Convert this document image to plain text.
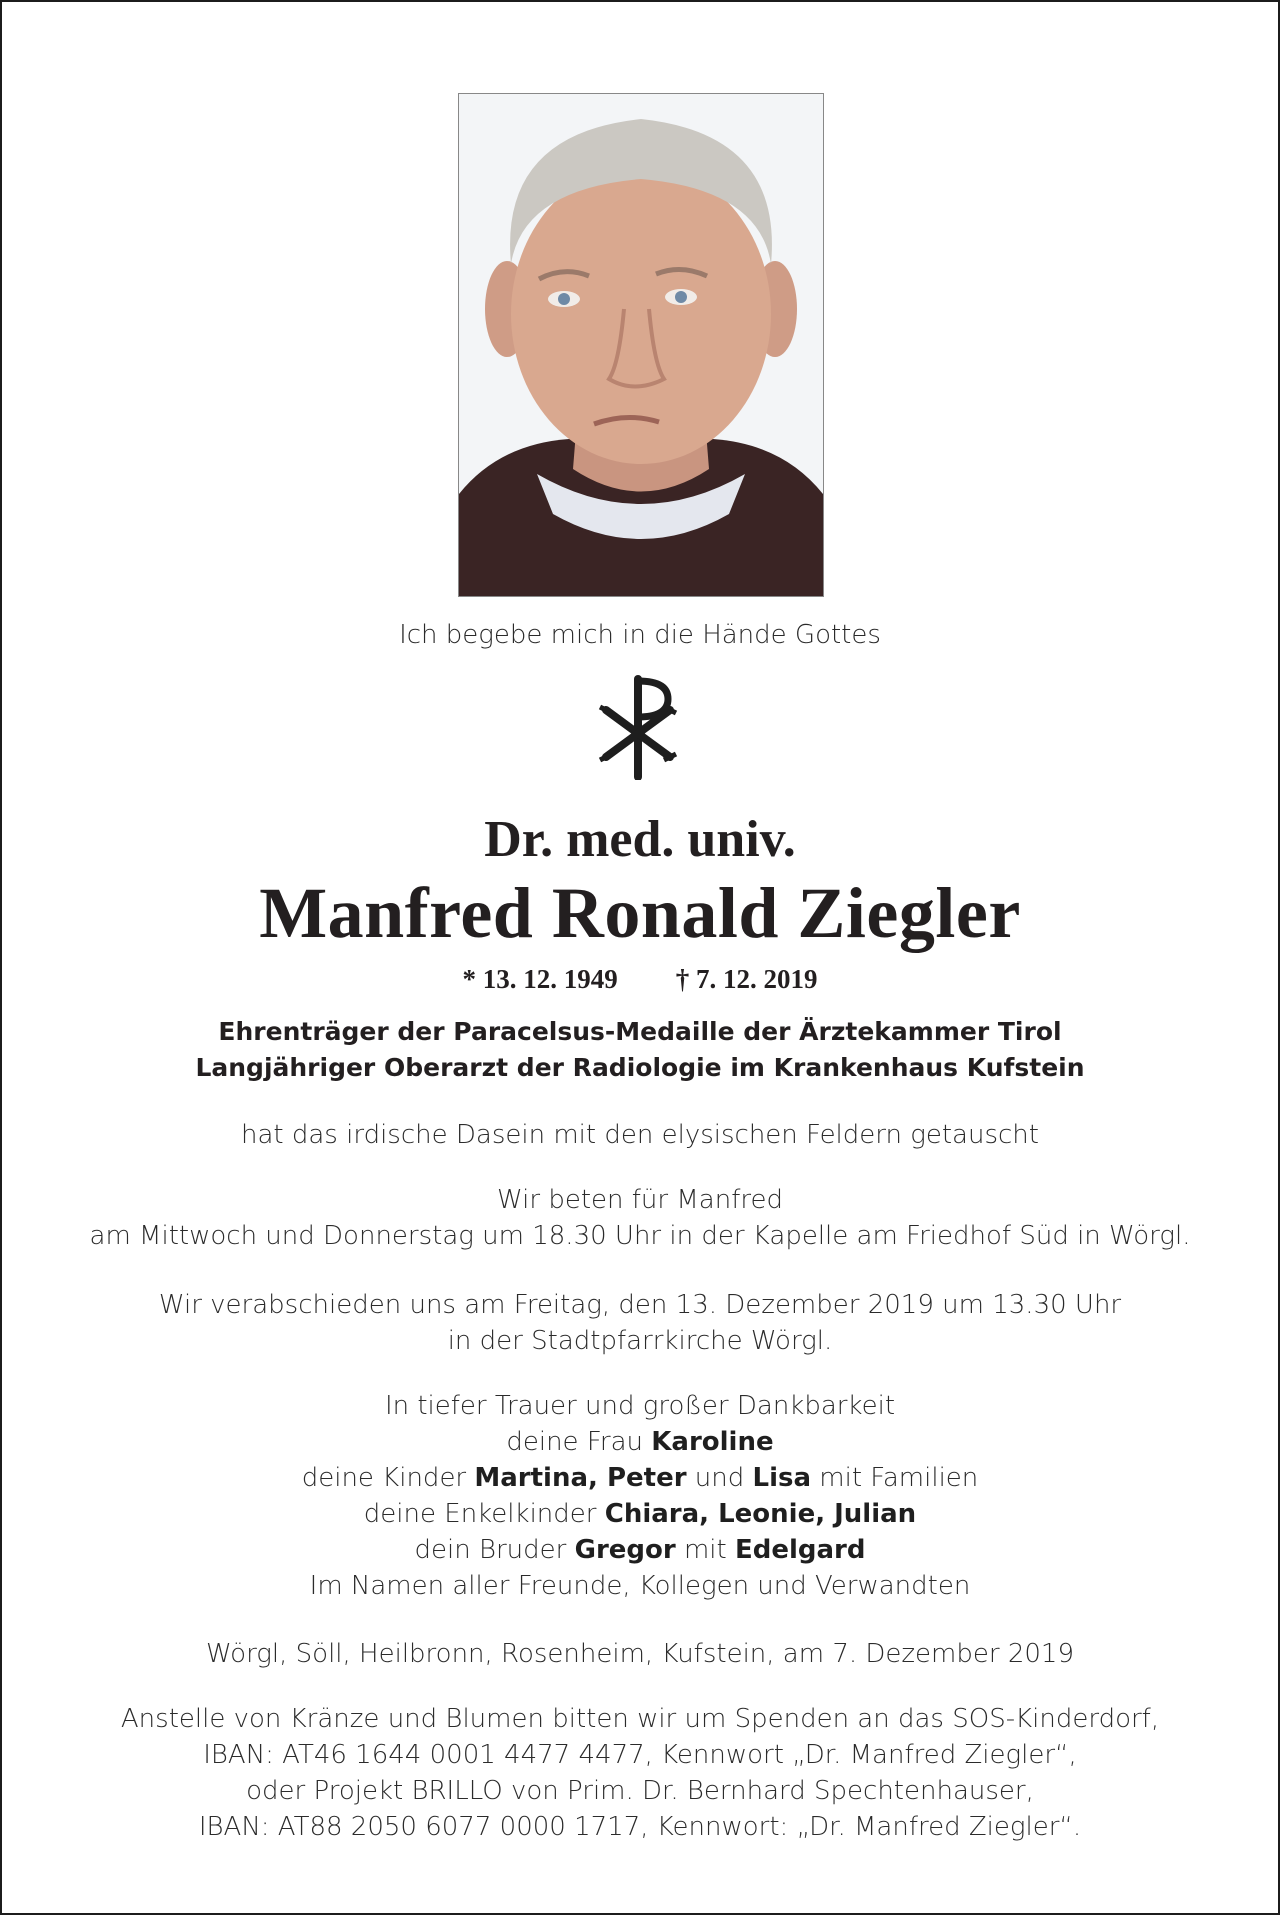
Ich begebe mich in die Hände Gottes
Dr. med. univ.
Manfred Ronald Ziegler
* 13. 12. 1949 † 7. 12. 2019
Ehrenträger der Paracelsus-Medaille der Ärztekammer Tirol
Langjähriger Oberarzt der Radiologie im Krankenhaus Kufstein
hat das irdische Dasein mit den elysischen Feldern getauscht
Wir beten für Manfred
am Mittwoch und Donnerstag um 18.30 Uhr in der Kapelle am Friedhof Süd in Wörgl.
Wir verabschieden uns am Freitag, den 13. Dezember 2019 um 13.30 Uhr
in der Stadtpfarrkirche Wörgl.
In tiefer Trauer und großer Dankbarkeit
deine Frau Karoline
deine Kinder Martina, Peter und Lisa mit Familien
deine Enkelkinder Chiara, Leonie, Julian
dein Bruder Gregor mit Edelgard
Im Namen aller Freunde, Kollegen und Verwandten
Wörgl, Söll, Heilbronn, Rosenheim, Kufstein, am 7. Dezember 2019
Anstelle von Kränze und Blumen bitten wir um Spenden an das SOS-Kinderdorf,
IBAN: AT46 1644 0001 4477 4477, Kennwort „Dr. Manfred Ziegler“,
oder Projekt BRILLO von Prim. Dr. Bernhard Spechtenhauser,
IBAN: AT88 2050 6077 0000 1717, Kennwort: „Dr. Manfred Ziegler“.
